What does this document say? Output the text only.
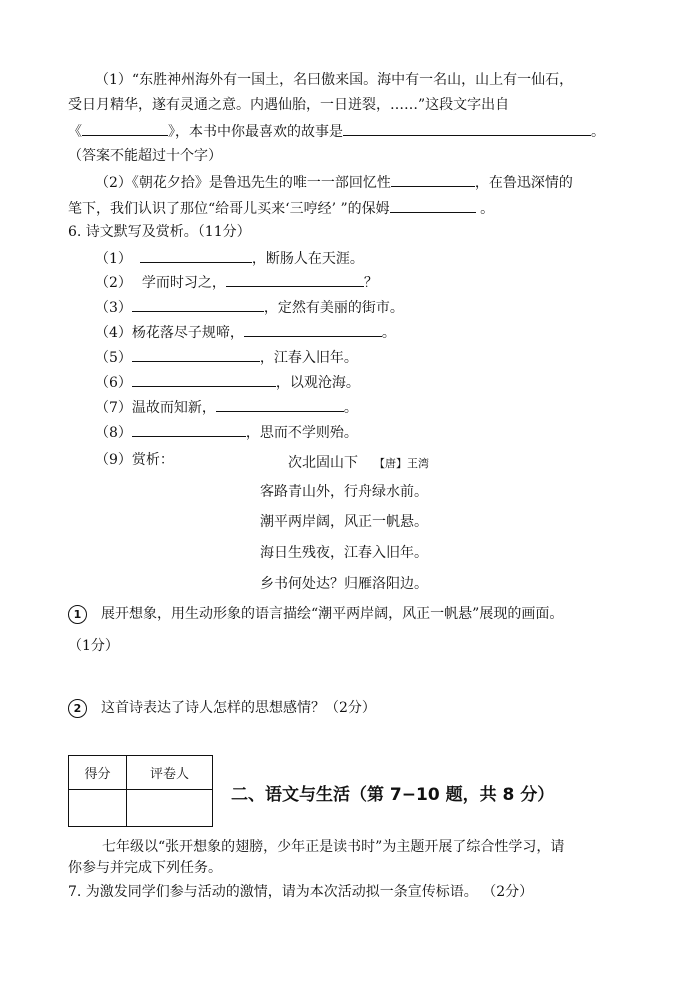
（1）“东胜神州海外有一国土，名曰傲来国。海中有一名山，山上有一仙石，
受日月精华，遂有灵通之意。内遇仙胎，一日迸裂，……”这段文字出自
《	》，本书中你最喜欢的故事是	。
（答案不能超过十个字）
（2）《朝花夕拾》是鲁迅先生的唯一一部回忆性	，在鲁迅深情的
笔下，我们认识了那位“给哥儿买来‘三哼经’ ”的保姆	。
6. 诗文默写及赏析。（11分）
（1）	，断肠人在天涯。
（2） 学而时习之，	？
（3）	，定然有美丽的街市。
（4）杨花落尽子规啼，	。
（5）	，江春入旧年。
（6）	，以观沧海。
（7）温故而知新，	。
（8）	，思而不学则殆。
（9）赏析：	次北固山下 【唐】王湾
客路青山外，行舟绿水前。
潮平两岸阔，风正一帆悬。
海日生残夜，江春入旧年。
乡书何处达？归雁洛阳边。
1 展开想象，用生动形象的语言描绘“潮平两岸阔，风正一帆悬”展现的画面。
（1分）
2 这首诗表达了诗人怎样的思想感情？（2分）
得分	评卷人

二、语文与生活（第 7−10 题，共 8 分）
七年级以“张开想象的翅膀，少年正是读书时”为主题开展了综合性学习，请
你参与并完成下列任务。
7. 为激发同学们参与活动的激情，请为本次活动拟一条宣传标语。 （2分）
